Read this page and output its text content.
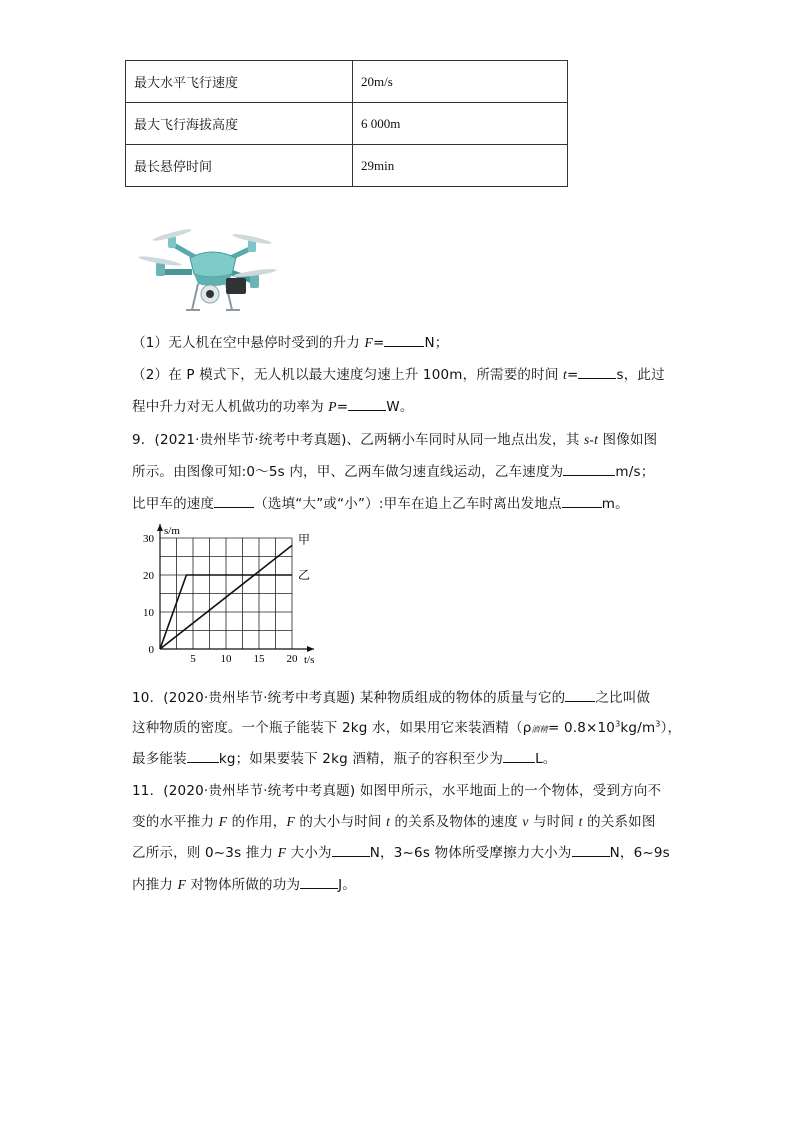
最大水平飞行速度	20m/s
最大飞行海拔高度	6 000m
最长悬停时间	29min
（1）无人机在空中悬停时受到的升力 F=	N；
（2）在 P 模式下，无人机以最大速度匀速上升 100m，所需要的时间 t=	s，此过
程中升力对无人机做功的功率为 P=	W。
9．(2021·贵州毕节·统考中考真题)、乙两辆小车同时从同一地点出发，其 s-t 图像如图
所示。由图像可知:0～5s 内，甲、乙两车做匀速直线运动，乙车速度为	m/s；
比甲车的速度	（选填“大”或“小”）:甲车在追上乙车时离出发地点	m。
s/m
t/s
5 10 15 20
0
10
20
30	甲
乙
10．(2020·贵州毕节·统考中考真题) 某种物质组成的物体的质量与它的 之比叫做
这种物质的密度。一个瓶子能装下 2kg 水，如果用它来装酒精（ρ酒精= $0.8\times 10^3kg/m^3$），
最多能装 kg；如果要装下 2kg 酒精，瓶子的容积至少为 L。
11．(2020·贵州毕节·统考中考真题) 如图甲所示，水平地面上的一个物体，受到方向不
变的水平推力 F 的作用，F 的大小与时间 t 的关系及物体的速度 v 与时间 t 的关系如图
乙所示，则 0~3s 推力 F 大小为	N，3~6s 物体所受摩擦力大小为	N，6~9s
内推力 F 对物体所做的功为	J。
